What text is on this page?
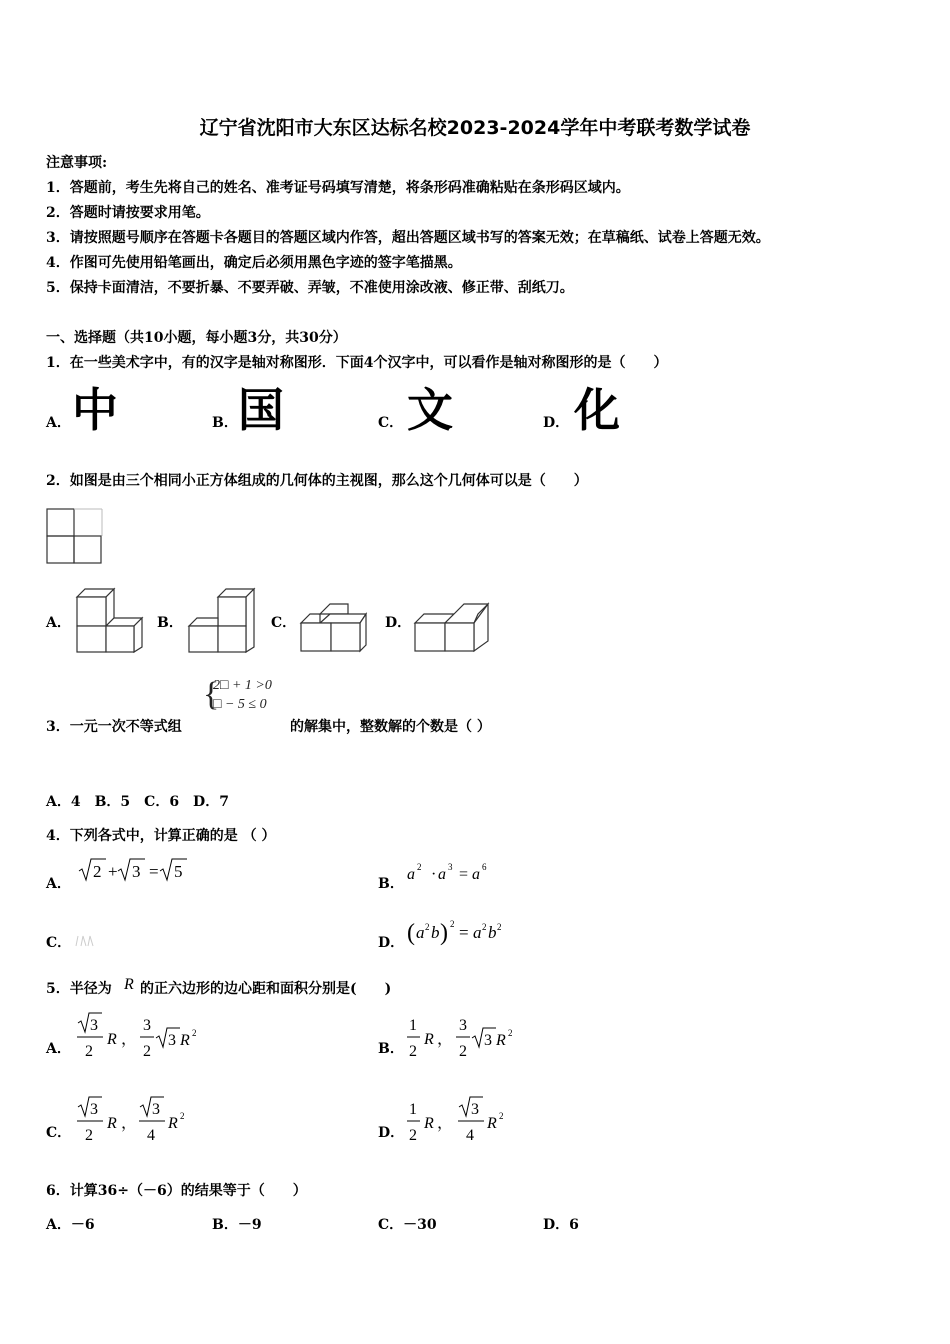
辽宁省沈阳市大东区达标名校2023-2024学年中考联考数学试卷
注意事项:
1．答题前，考生先将自己的姓名、准考证号码填写清楚，将条形码准确粘贴在条形码区域内。
2．答题时请按要求用笔。
3．请按照题号顺序在答题卡各题目的答题区域内作答，超出答题区域书写的答案无效；在草稿纸、试卷上答题无效。
4．作图可先使用铅笔画出，确定后必须用黑色字迹的签字笔描黑。
5．保持卡面清洁，不要折暴、不要弄破、弄皱，不准使用涂改液、修正带、刮纸刀。
一、选择题（共10小题，每小题3分，共30分）
1．在一些美术字中，有的汉字是轴对称图形．下面4个汉字中，可以看作是轴对称图形的是（　　）
A． 中	B． 国	C． 文	D． 化
2．如图是由三个相同小正方体组成的几何体的主视图，那么这个几何体可以是（　　）
A．	B．	C．	D．
{
2□ + 1 >0
□ − 5 ≤ 0
3．一元一次不等式组	的解集中，整数解的个数是（ ）
A．4　B．5　C．6　D．7
4．下列各式中，计算正确的是 （ ）
A．
2 + 3 = 5
B．
a 2 · a 3 = a 6
C．	D． ( a 2 b ) 2 = a 2 b 2
5．半径为 R 的正六边形的边心距和面积分别是(　　)
A．
3
2
R ，
3
2
3 R 2
B．
1
2
R ，
3
2
3 R 2
C．
3
2
R ，
3
4
R 2
D．
1
2
R ，
3
4
R 2
6．计算36÷（－6）的结果等于（　　）
A．－6	B．－9	C．－30	D．6
